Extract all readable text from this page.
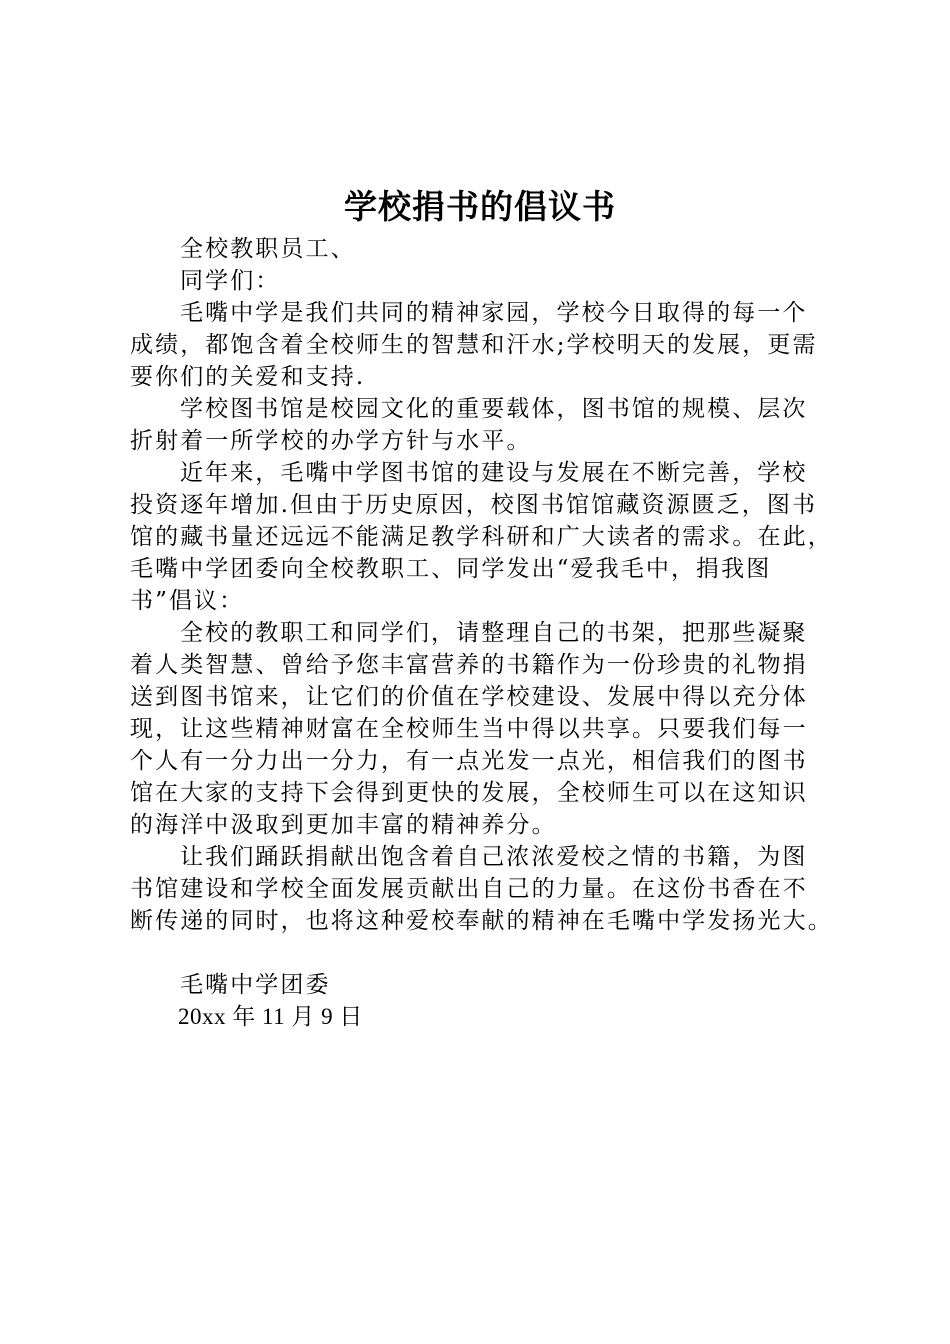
学校捐书的倡议书
全校教职员工、
同学们：
毛嘴中学是我们共同的精神家园，学校今日取得的每一个
成绩，都饱含着全校师生的智慧和汗水;学校明天的发展，更需
要你们的关爱和支持.
学校图书馆是校园文化的重要载体，图书馆的规模、层次
折射着一所学校的办学方针与水平。
近年来，毛嘴中学图书馆的建设与发展在不断完善，学校
投资逐年增加.但由于历史原因，校图书馆馆藏资源匮乏，图书
馆的藏书量还远远不能满足教学科研和广大读者的需求。在此，
毛嘴中学团委向全校教职工、同学发出“爱我毛中，捐我图
书”倡议：
全校的教职工和同学们，请整理自己的书架，把那些凝聚
着人类智慧、曾给予您丰富营养的书籍作为一份珍贵的礼物捐
送到图书馆来，让它们的价值在学校建设、发展中得以充分体
现，让这些精神财富在全校师生当中得以共享。只要我们每一
个人有一分力出一分力，有一点光发一点光，相信我们的图书
馆在大家的支持下会得到更快的发展，全校师生可以在这知识
的海洋中汲取到更加丰富的精神养分。
让我们踊跃捐献出饱含着自己浓浓爱校之情的书籍，为图
书馆建设和学校全面发展贡献出自己的力量。在这份书香在不
断传递的同时，也将这种爱校奉献的精神在毛嘴中学发扬光大。
毛嘴中学团委
20xx 年 11 月 9 日
